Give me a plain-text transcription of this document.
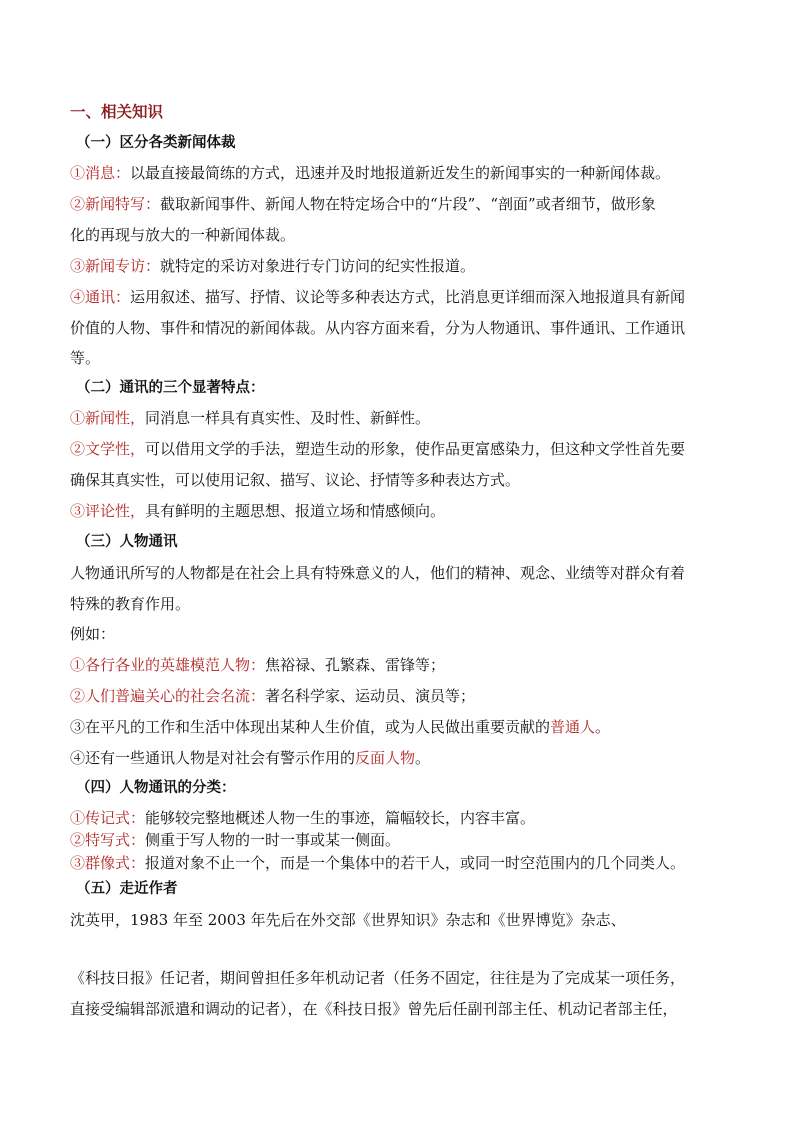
一、相关知识
（一）区分各类新闻体裁
①消息：以最直接最简练的方式，迅速并及时地报道新近发生的新闻事实的一种新闻体裁。
②新闻特写：截取新闻事件、新闻人物在特定场合中的“片段”、“剖面”或者细节，做形象
化的再现与放大的一种新闻体裁。
③新闻专访：就特定的采访对象进行专门访问的纪实性报道。
④通讯：运用叙述、描写、抒情、议论等多种表达方式，比消息更详细而深入地报道具有新闻
价值的人物、事件和情况的新闻体裁。从内容方面来看，分为人物通讯、事件通讯、工作通讯
等。
（二）通讯的三个显著特点：
①新闻性，同消息一样具有真实性、及时性、新鲜性。
②文学性，可以借用文学的手法，塑造生动的形象，使作品更富感染力，但这种文学性首先要
确保其真实性，可以使用记叙、描写、议论、抒情等多种表达方式。
③评论性，具有鲜明的主题思想、报道立场和情感倾向。
（三）人物通讯
人物通讯所写的人物都是在社会上具有特殊意义的人，他们的精神、观念、业绩等对群众有着
特殊的教育作用。
例如：
①各行各业的英雄模范人物：焦裕禄、孔繁森、雷锋等；
②人们普遍关心的社会名流：著名科学家、运动员、演员等；
③在平凡的工作和生活中体现出某种人生价值，或为人民做出重要贡献的普通人。
④还有一些通讯人物是对社会有警示作用的反面人物。
（四）人物通讯的分类：
①传记式：能够较完整地概述人物一生的事迹，篇幅较长，内容丰富。
②特写式：侧重于写人物的一时一事或某一侧面。
③群像式：报道对象不止一个，而是一个集体中的若干人，或同一时空范围内的几个同类人。
（五）走近作者
沈英甲，1983 年至 2003 年先后在外交部《世界知识》杂志和《世界博览》杂志、
《科技日报》任记者，期间曾担任多年机动记者（任务不固定，往往是为了完成某一项任务，
直接受编辑部派遣和调动的记者），在《科技日报》曾先后任副刊部主任、机动记者部主任，
